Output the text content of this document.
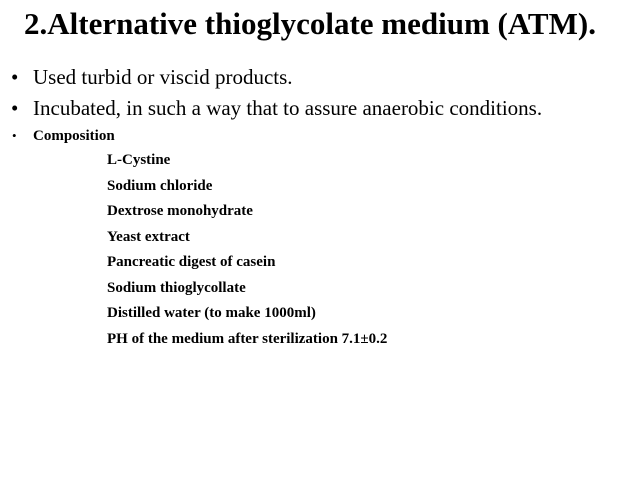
2.Alternative thioglycolate medium (ATM).
• Used turbid or viscid products.
• Incubated, in such a way that to assure anaerobic conditions.
• Composition
L-Cystine
Sodium chloride
Dextrose monohydrate
Yeast extract
Pancreatic digest of casein
Sodium thioglycollate
Distilled water (to make 1000ml)
PH of the medium after sterilization 7.1±0.2
